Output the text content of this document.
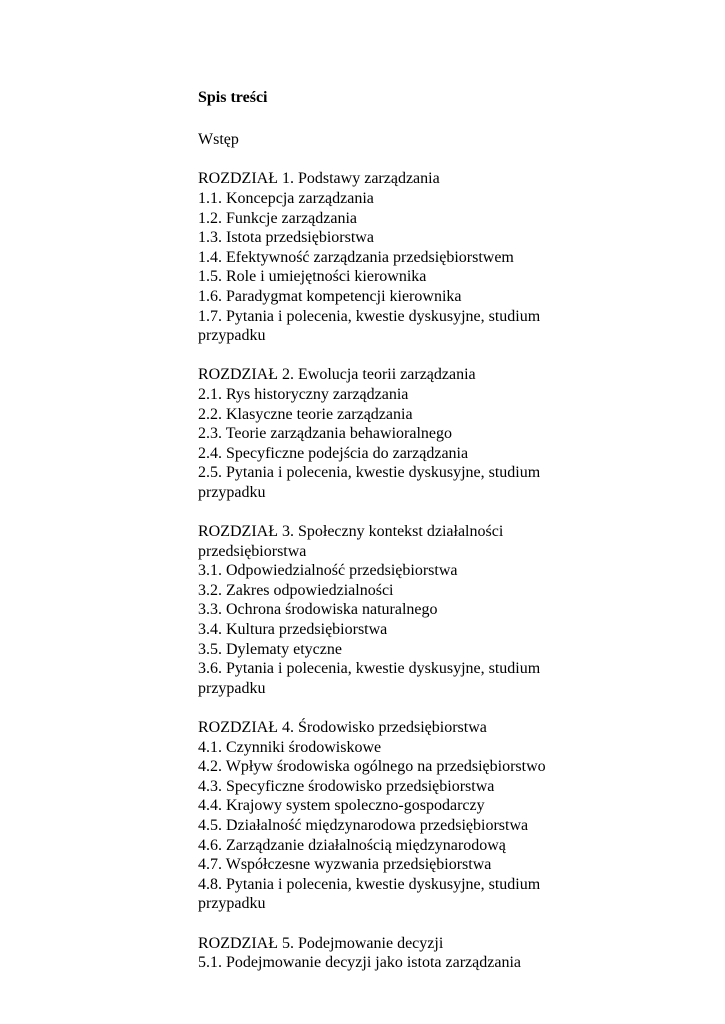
Spis treści
Wstęp
ROZDZIAŁ 1. Podstawy zarządzania
1.1. Koncepcja zarządzania
1.2. Funkcje zarządzania
1.3. Istota przedsiębiorstwa
1.4. Efektywność zarządzania przedsiębiorstwem
1.5. Role i umiejętności kierownika
1.6. Paradygmat kompetencji kierownika
1.7. Pytania i polecenia, kwestie dyskusyjne, studium przypadku
ROZDZIAŁ 2. Ewolucja teorii zarządzania
2.1. Rys historyczny zarządzania
2.2. Klasyczne teorie zarządzania
2.3. Teorie zarządzania behawioralnego
2.4. Specyficzne podejścia do zarządzania
2.5. Pytania i polecenia, kwestie dyskusyjne, studium przypadku
ROZDZIAŁ 3. Społeczny kontekst działalności przedsiębiorstwa
3.1. Odpowiedzialność przedsiębiorstwa
3.2. Zakres odpowiedzialności
3.3. Ochrona środowiska naturalnego
3.4. Kultura przedsiębiorstwa
3.5. Dylematy etyczne
3.6. Pytania i polecenia, kwestie dyskusyjne, studium przypadku
ROZDZIAŁ 4. Środowisko przedsiębiorstwa
4.1. Czynniki środowiskowe
4.2. Wpływ środowiska ogólnego na przedsiębiorstwo
4.3. Specyficzne środowisko przedsiębiorstwa
4.4. Krajowy system spoleczno-gospodarczy
4.5. Działalność międzynarodowa przedsiębiorstwa
4.6. Zarządzanie działalnością międzynarodową
4.7. Współczesne wyzwania przedsiębiorstwa
4.8. Pytania i polecenia, kwestie dyskusyjne, studium przypadku
ROZDZIAŁ 5. Podejmowanie decyzji
5.1. Podejmowanie decyzji jako istota zarządzania
